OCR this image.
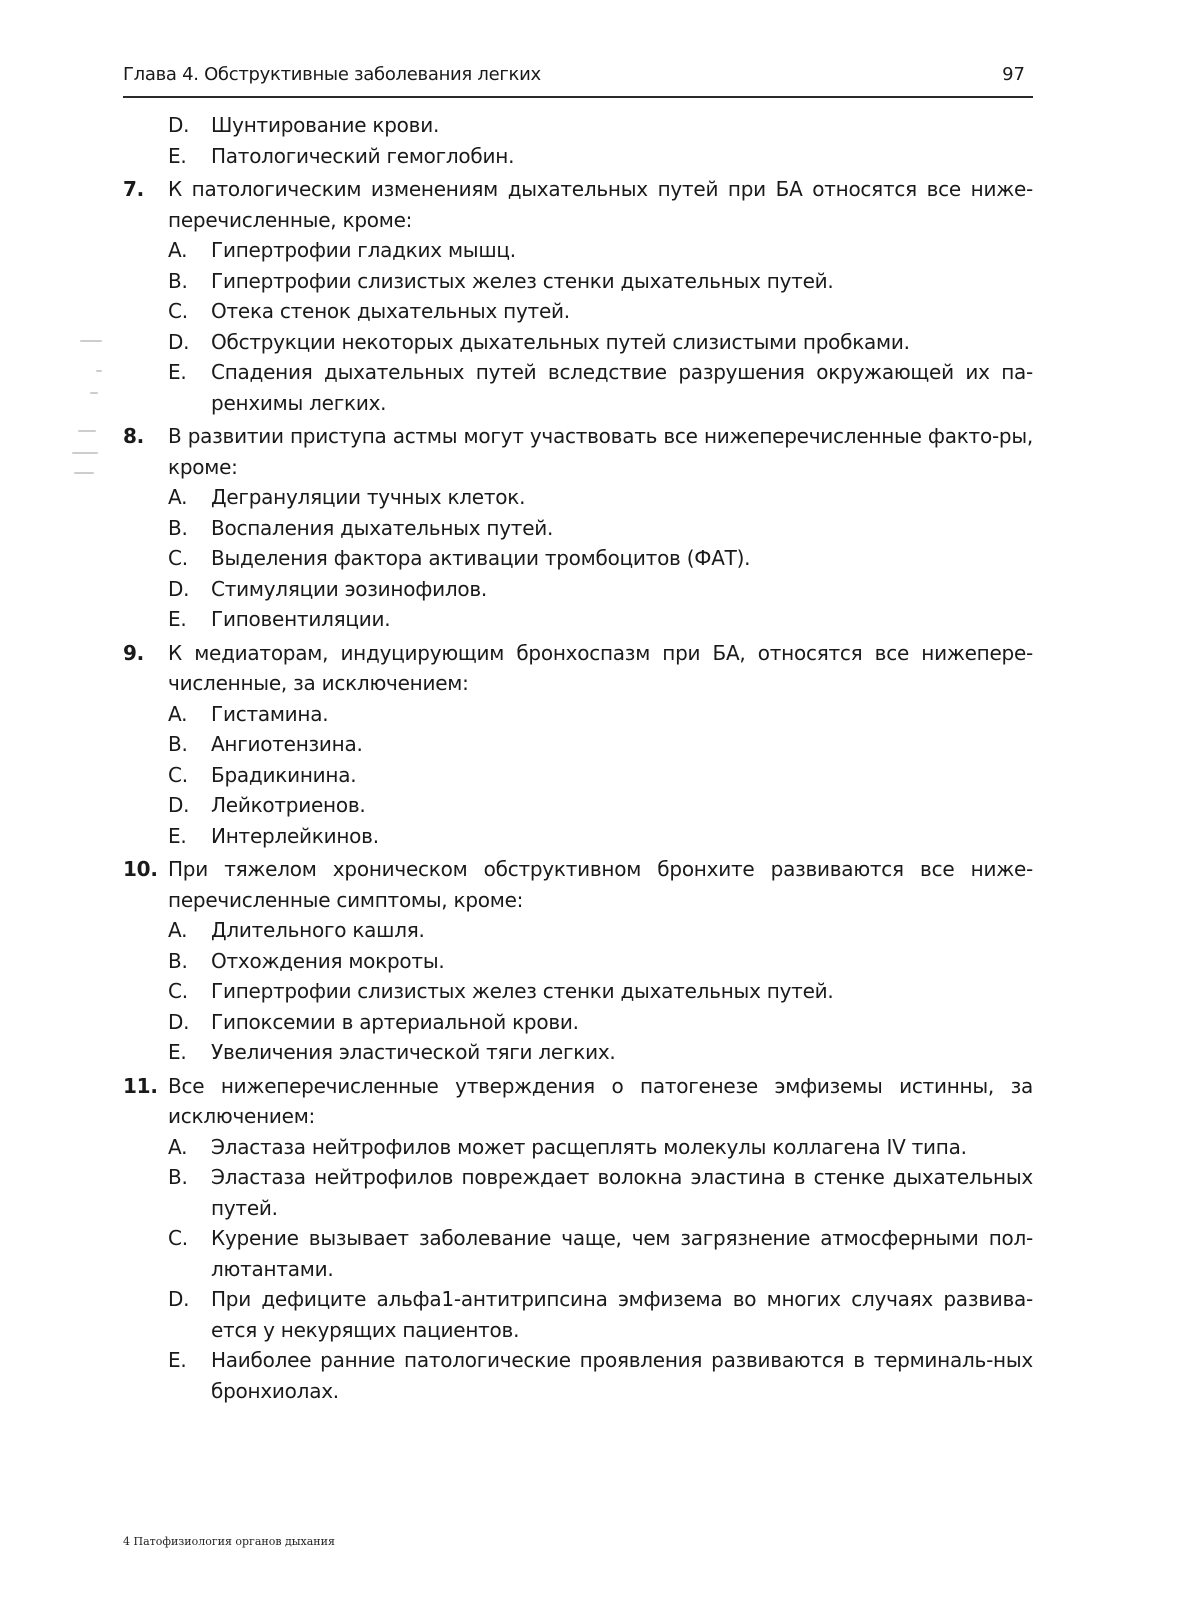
Глава 4. Обструктивные заболевания легких	97
D. Шунтирование крови.
E. Патологический гемоглобин.
7. К патологическим изменениям дыхательных путей при БА относятся все ниже-перечисленные, кроме:
A. Гипертрофии гладких мышц.
B. Гипертрофии слизистых желез стенки дыхательных путей.
C. Отека стенок дыхательных путей.
D. Обструкции некоторых дыхательных путей слизистыми пробками.
E. Спадения дыхательных путей вследствие разрушения окружающей их па-ренхимы легких.
8. В развитии приступа астмы могут участвовать все нижеперечисленные факто-ры, кроме:
A. Дегрануляции тучных клеток.
B. Воспаления дыхательных путей.
C. Выделения фактора активации тромбоцитов (ФАТ).
D. Стимуляции эозинофилов.
E. Гиповентиляции.
9. К медиаторам, индуцирующим бронхоспазм при БА, относятся все нижепере-численные, за исключением:
A. Гистамина.
B. Ангиотензина.
C. Брадикинина.
D. Лейкотриенов.
E. Интерлейкинов.
10. При тяжелом хроническом обструктивном бронхите развиваются все ниже-перечисленные симптомы, кроме:
A. Длительного кашля.
B. Отхождения мокроты.
C. Гипертрофии слизистых желез стенки дыхательных путей.
D. Гипоксемии в артериальной крови.
E. Увеличения эластической тяги легких.
11. Все нижеперечисленные утверждения о патогенезе эмфиземы истинны, за исключением:
A. Эластаза нейтрофилов может расщеплять молекулы коллагена IV типа.
B. Эластаза нейтрофилов повреждает волокна эластина в стенке дыхательных путей.
C. Курение вызывает заболевание чаще, чем загрязнение атмосферными пол-лютантами.
D. При дефиците альфа1-антитрипсина эмфизема во многих случаях развива-ется у некурящих пациентов.
E. Наиболее ранние патологические проявления развиваются в терминаль-ных бронхиолах.
4 Патофизиология органов дыхания
